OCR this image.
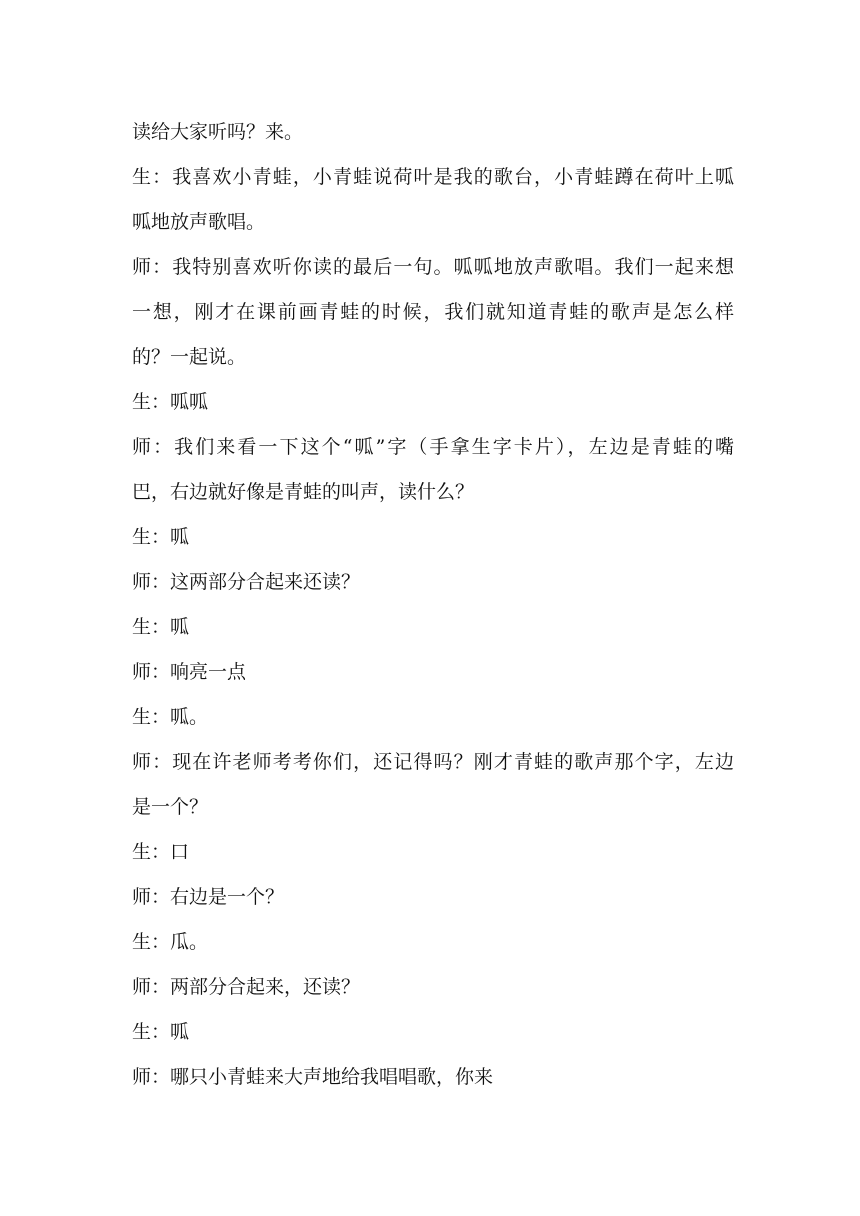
读给大家听吗？来。
生：我喜欢小青蛙，小青蛙说荷叶是我的歌台，小青蛙蹲在荷叶上呱
呱地放声歌唱。
师：我特别喜欢听你读的最后一句。呱呱地放声歌唱。我们一起来想
一想，刚才在课前画青蛙的时候，我们就知道青蛙的歌声是怎么样
的？一起说。
生：呱呱
师：我们来看一下这个“呱”字（手拿生字卡片），左边是青蛙的嘴
巴，右边就好像是青蛙的叫声，读什么？
生：呱
师：这两部分合起来还读？
生：呱
师：响亮一点
生：呱。
师：现在许老师考考你们，还记得吗？刚才青蛙的歌声那个字，左边
是一个？
生：口
师：右边是一个？
生：瓜。
师：两部分合起来，还读？
生：呱
师：哪只小青蛙来大声地给我唱唱歌，你来
